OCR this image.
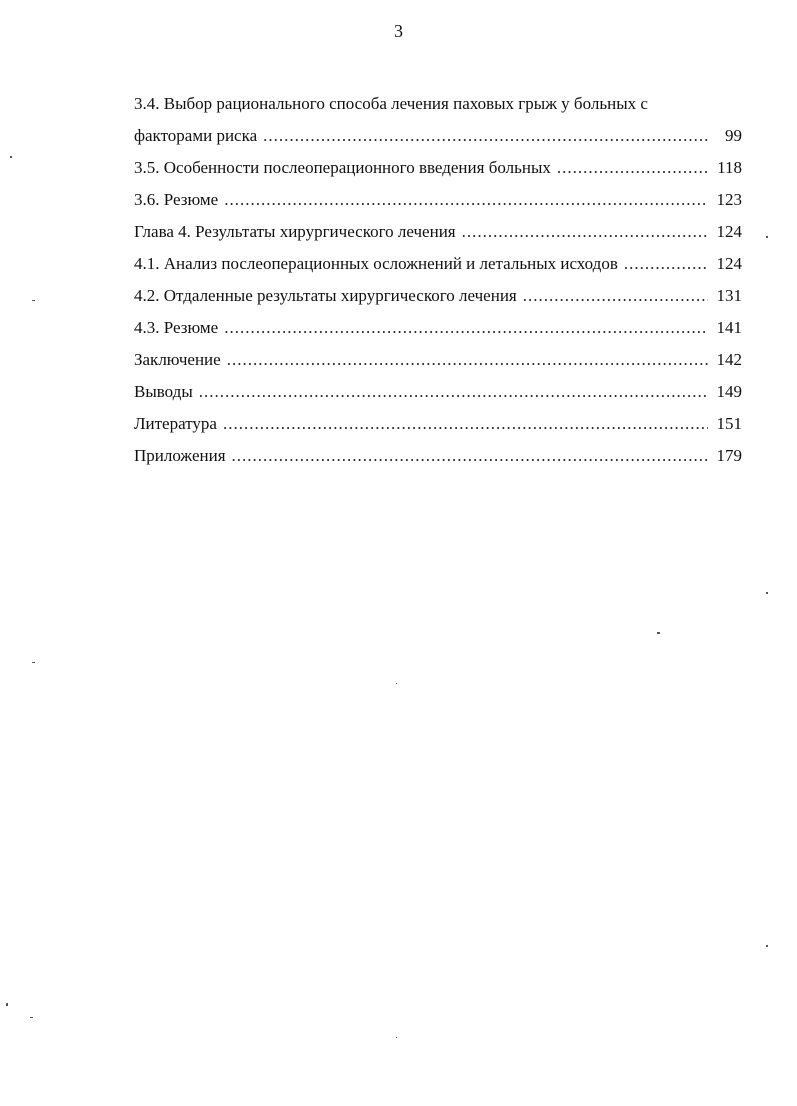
3
3.4. Выбор рационального способа лечения паховых грыж у больных с
факторами риска .....	99
3.5. Особенности послеоперационного введения больных .....	118
3.6. Резюме .....	123
Глава 4. Результаты хирургического лечения .....	124
4.1. Анализ послеоперационных осложнений и летальных исходов .....	124
4.2. Отдаленные результаты хирургического лечения .....	131
4.3. Резюме .....	141
Заключение .....	142
Выводы .....	149
Литература .....	151
Приложения .....	179
